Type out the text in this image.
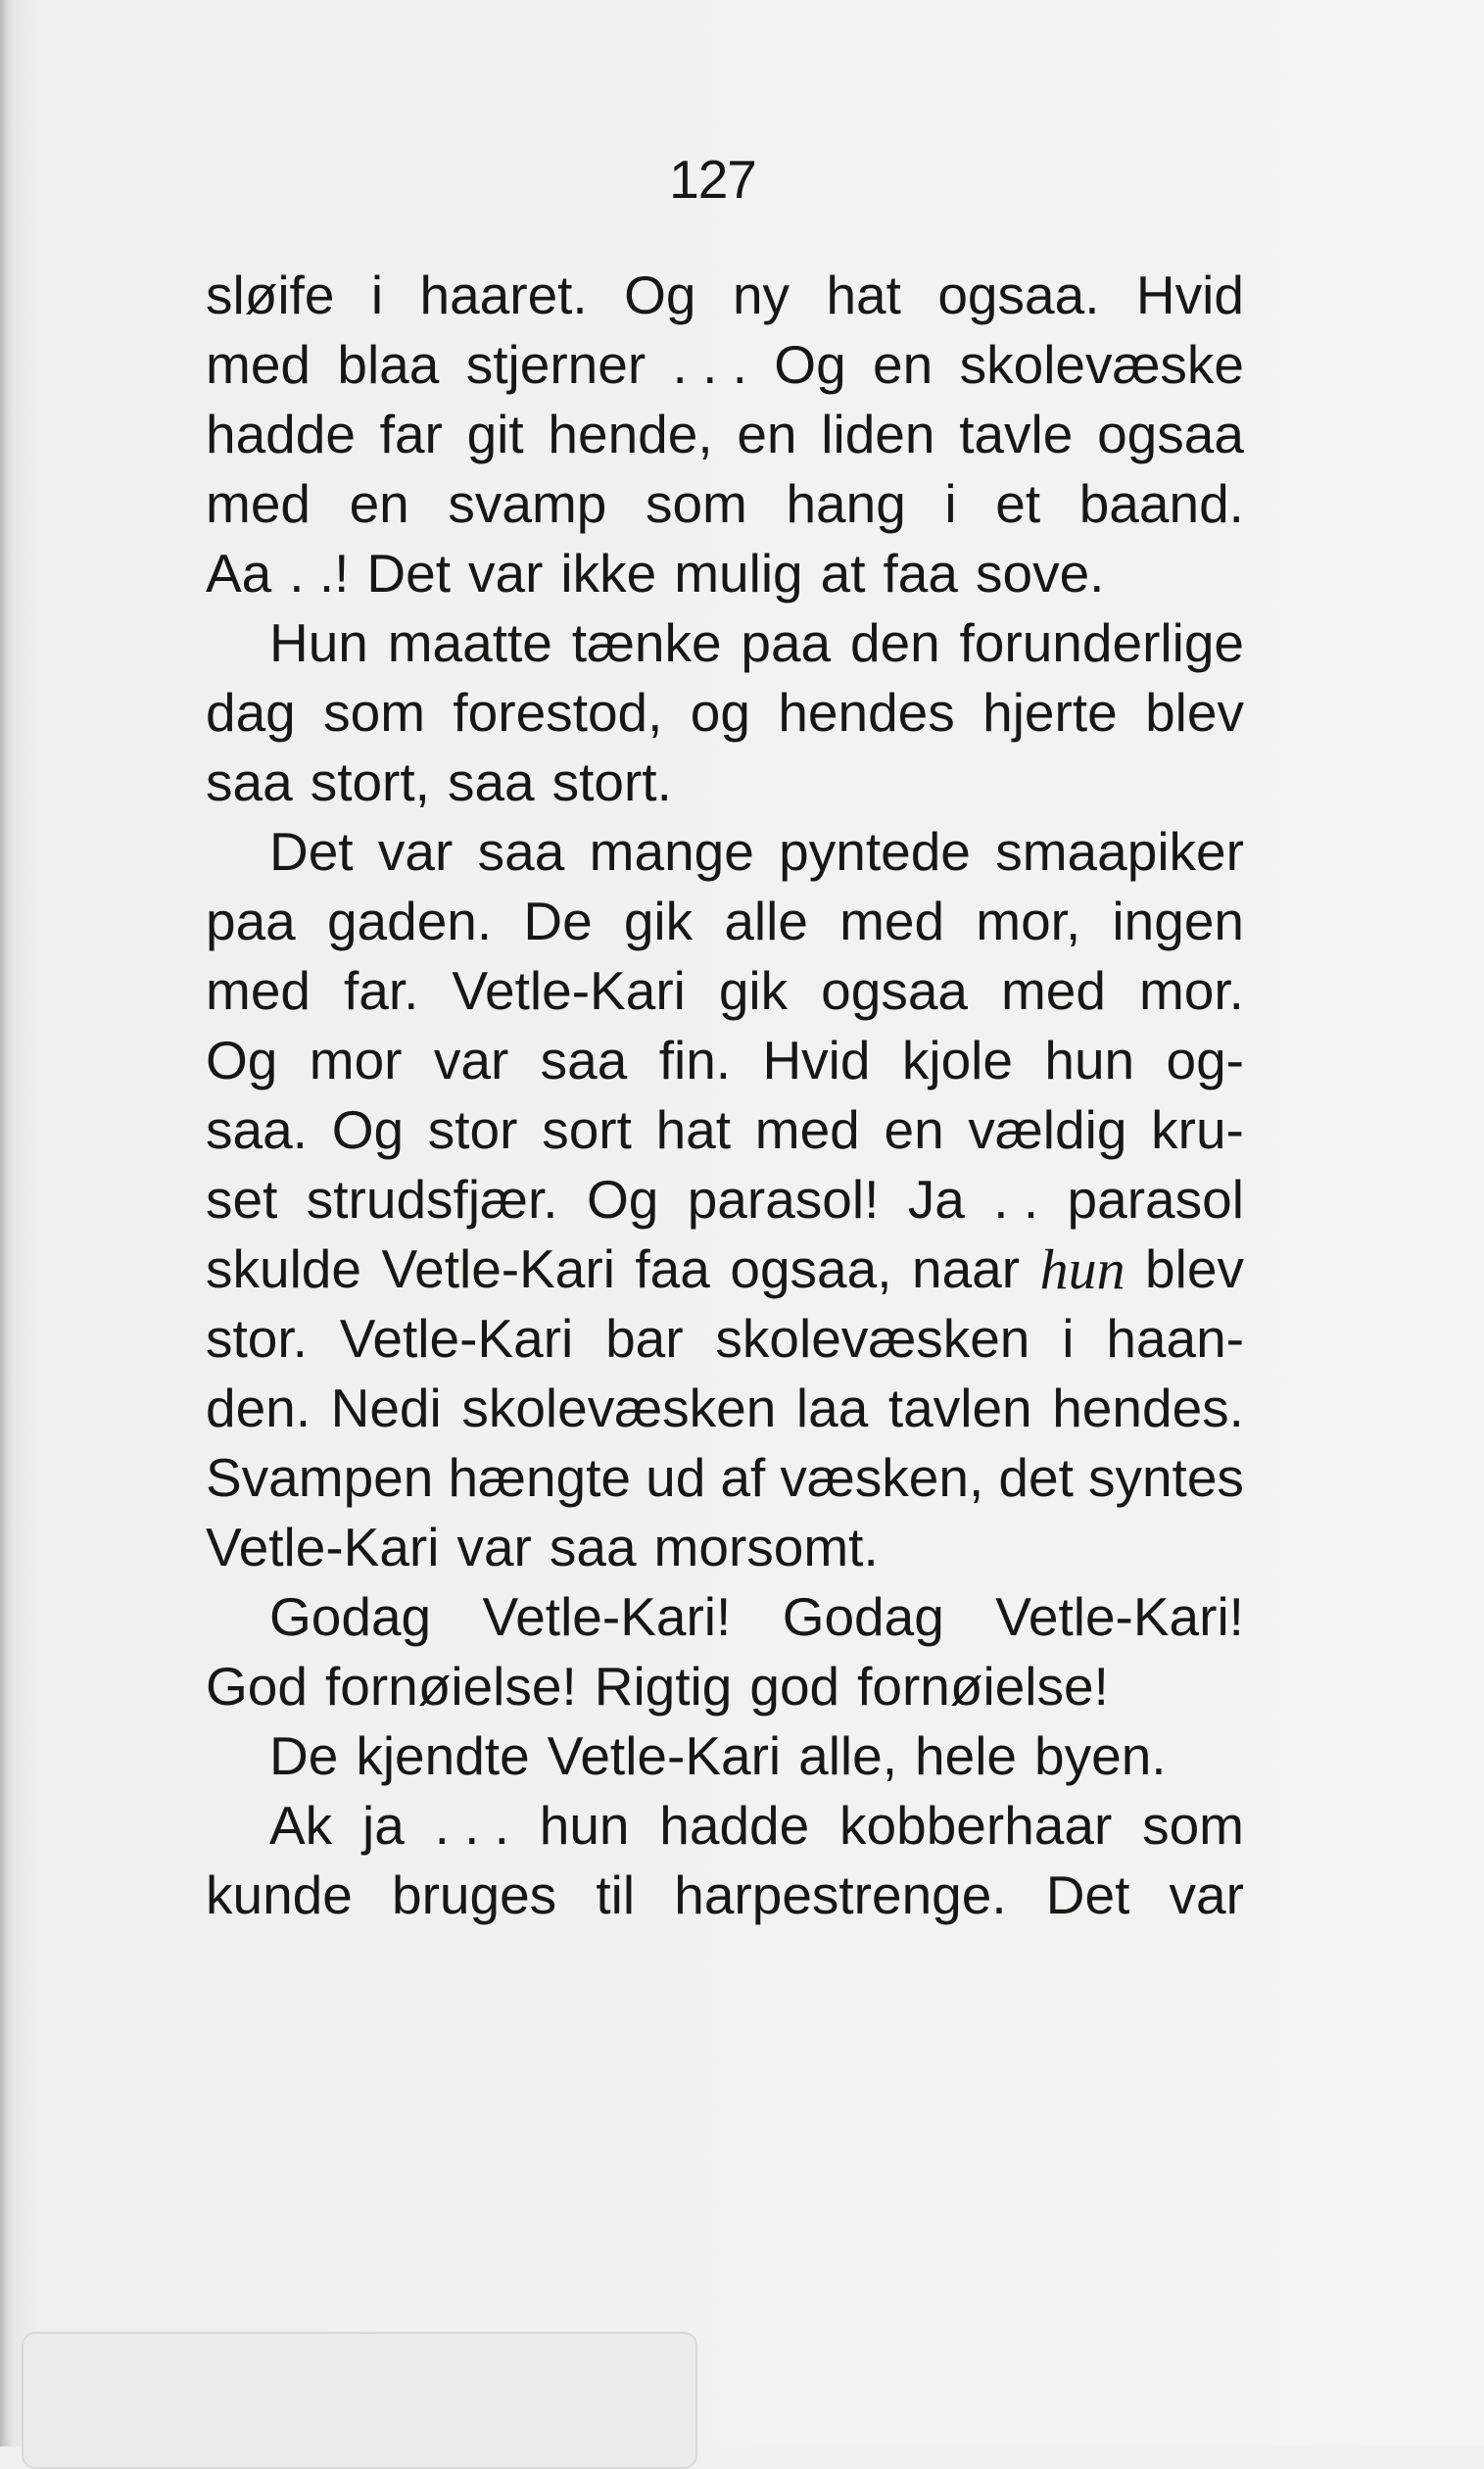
127
sløife i haaret. Og ny hat ogsaa. Hvid
med blaa stjerner . . . Og en skolevæske
hadde far git hende, en liden tavle ogsaa
med en svamp som hang i et baand.
Aa . .! Det var ikke mulig at faa sove.
Hun maatte tænke paa den forunderlige
dag som forestod, og hendes hjerte blev
saa stort, saa stort.
Det var saa mange pyntede smaapiker
paa gaden. De gik alle med mor, ingen
med far. Vetle-Kari gik ogsaa med mor.
Og mor var saa fin. Hvid kjole hun og-
saa. Og stor sort hat med en vældig kru-
set strudsfjær. Og parasol! Ja . . parasol
skulde Vetle-Kari faa ogsaa, naar hun blev
stor. Vetle-Kari bar skolevæsken i haan-
den. Nedi skolevæsken laa tavlen hendes.
Svampen hængte ud af væsken, det syntes
Vetle-Kari var saa morsomt.
Godag Vetle-Kari! Godag Vetle-Kari!
God fornøielse! Rigtig god fornøielse!
De kjendte Vetle-Kari alle, hele byen.
Ak ja . . . hun hadde kobberhaar som
kunde bruges til harpestrenge. Det var
